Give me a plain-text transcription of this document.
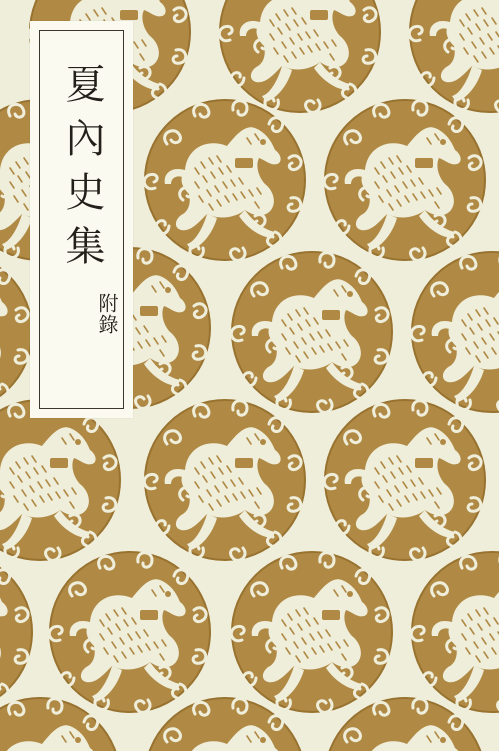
夏內史集
附錄
